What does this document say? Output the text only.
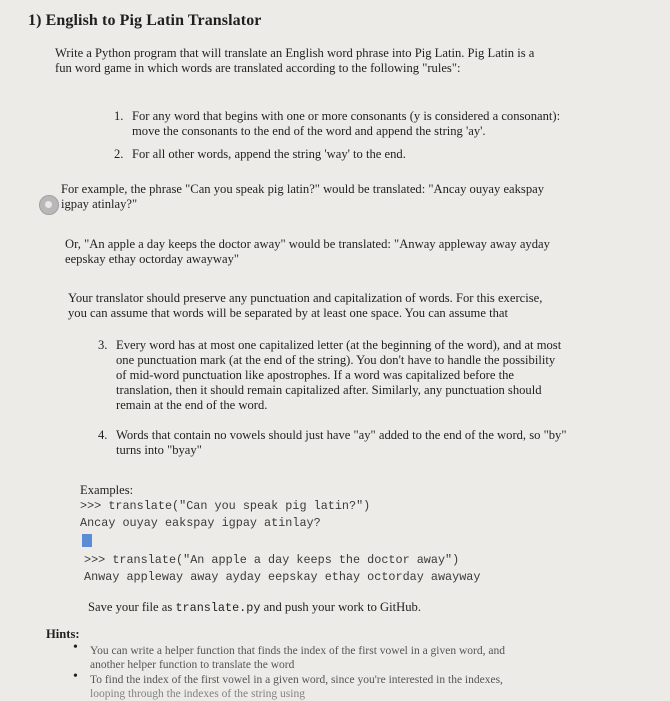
1) English to Pig Latin Translator
Write a Python program that will translate an English word phrase into Pig Latin. Pig Latin is a
fun word game in which words are translated according to the following "rules":
1. For any word that begins with one or more consonants (y is considered a consonant):
move the consonants to the end of the word and append the string 'ay'.
2. For all other words, append the string 'way' to the end.
For example, the phrase "Can you speak pig latin?" would be translated: "Ancay ouyay eakspay
igpay atinlay?"
Or, "An apple a day keeps the doctor away" would be translated: "Anway appleway away ayday
eepskay ethay octorday awayway"
Your translator should preserve any punctuation and capitalization of words. For this exercise,
you can assume that words will be separated by at least one space. You can assume that
3. Every word has at most one capitalized letter (at the beginning of the word), and at most
one punctuation mark (at the end of the string). You don't have to handle the possibility
of mid-word punctuation like apostrophes. If a word was capitalized before the
translation, then it should remain capitalized after. Similarly, any punctuation should
remain at the end of the word.
4. Words that contain no vowels should just have "ay" added to the end of the word, so "by"
turns into "byay"
Examples:
>>> translate("Can you speak pig latin?")
Ancay ouyay eakspay igpay atinlay?
>>> translate("An apple a day keeps the doctor away")
Anway appleway away ayday eepskay ethay octorday awayway
Save your file as translate.py and push your work to GitHub.
Hints:
• You can write a helper function that finds the index of the first vowel in a given word, and
another helper function to translate the word
• To find the index of the first vowel in a given word, since you're interested in the indexes,
looping through the indexes of the string using
